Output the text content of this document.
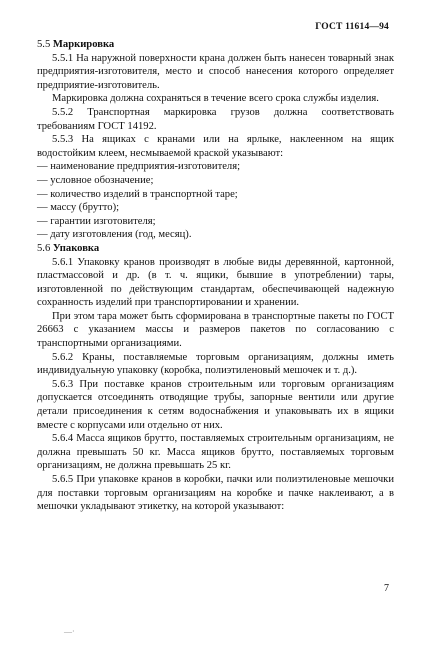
ГОСТ 11614—94

5.5 Маркировка

5.5.1 На наружной поверхности крана должен быть нанесен товарный знак предприятия-изготовителя, место и способ нанесения которого определяет предприятие-изготовитель.

Маркировка должна сохраняться в течение всего срока службы изделия.

5.5.2 Транспортная маркировка грузов должна соответствовать требованиям ГОСТ 14192.

5.5.3 На ящиках с кранами или на ярлыке, наклеенном на ящик водостойким клеем, несмываемой краской указывают:

— наименование предприятия-изготовителя;
— условное обозначение;
— количество изделий в транспортной таре;
— массу (брутто);
— гарантии изготовителя;
— дату изготовления (год, месяц).

5.6 Упаковка

5.6.1 Упаковку кранов производят в любые виды деревянной, картонной, пластмассовой и др. (в т. ч. ящики, бывшие в употреблении) тары, изготовленной по действующим стандартам, обеспечивающей надежную сохранность изделий при транспортировании и хранении.

При этом тара может быть сформирована в транспортные пакеты по ГОСТ 26663 с указанием массы и размеров пакетов по согласованию с транспортными организациями.

5.6.2 Краны, поставляемые торговым организациям, должны иметь индивидуальную упаковку (коробка, полиэтиленовый мешочек и т. д.).

5.6.3 При поставке кранов строительным или торговым организациям допускается отсоединять отводящие трубы, запорные вентили или другие детали присоединения к сетям водоснабжения и упаковывать их в ящики вместе с корпусами или отдельно от них.

5.6.4 Масса ящиков брутто, поставляемых строительным организациям, не должна превышать 50 кг. Масса ящиков брутто, поставляемых торговым организациям, не должна превышать 25 кг.

5.6.5 При упаковке кранов в коробки, пачки или полиэтиленовые мешочки для поставки торговым организациям на коробке и пачке наклеивают, а в мешочки укладывают этикетку, на которой указывают:

7
—·
